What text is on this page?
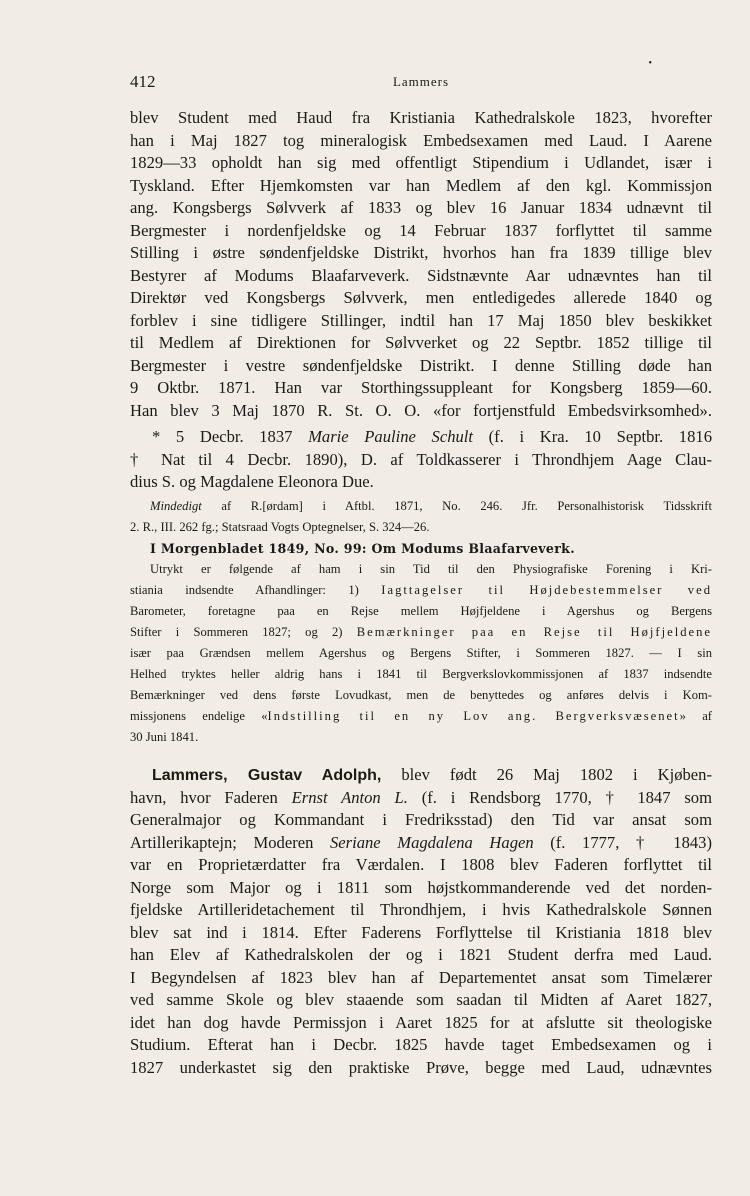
412	Lammers
•
blev Student med Haud fra Kristiania Kathedralskole 1823, hvorefter
han i Maj 1827 tog mineralogisk Embedsexamen med Laud. I Aarene
1829—33 opholdt han sig med offentligt Stipendium i Udlandet, især i
Tyskland. Efter Hjemkomsten var han Medlem af den kgl. Kommissjon
ang. Kongsbergs Sølvverk af 1833 og blev 16 Januar 1834 udnævnt til
Bergmester i nordenfjeldske og 14 Februar 1837 forflyttet til samme
Stilling i østre søndenfjeldske Distrikt, hvorhos han fra 1839 tillige blev
Bestyrer af Modums Blaafarveverk. Sidstnævnte Aar udnævntes han til
Direktør ved Kongsbergs Sølvverk, men entledigedes allerede 1840 og
forblev i sine tidligere Stillinger, indtil han 17 Maj 1850 blev beskikket
til Medlem af Direktionen for Sølvverket og 22 Septbr. 1852 tillige til
Bergmester i vestre søndenfjeldske Distrikt. I denne Stilling døde han
9 Oktbr. 1871. Han var Storthingssuppleant for Kongsberg 1859—60.
Han blev 3 Maj 1870 R. St. O. O. «for fortjenstfuld Embedsvirksomhed».
* 5 Decbr. 1837 Marie Pauline Schult (f. i Kra. 10 Septbr. 1816
† Nat til 4 Decbr. 1890), D. af Toldkasserer i Throndhjem Aage Clau-
dius S. og Magdalene Eleonora Due.
Mindedigt af R.[ørdam] i Aftbl. 1871, No. 246. Jfr. Personalhistorisk Tidsskrift
2. R., III. 262 fg.; Statsraad Vogts Optegnelser, S. 324—26.
I Morgenbladet 1849, No. 99: Om Modums Blaafarveverk.
Utrykt er følgende af ham i sin Tid til den Physiografiske Forening i Kri-
stiania indsendte Afhandlinger: 1) Iagttagelser til Højdebestemmelser ved
Barometer, foretagne paa en Rejse mellem Højfjeldene i Agershus og Bergens
Stifter i Sommeren 1827; og 2) Bemærkninger paa en Rejse til Højfjeldene
især paa Grændsen mellem Agershus og Bergens Stifter, i Sommeren 1827. — I sin
Helhed tryktes heller aldrig hans i 1841 til Bergverkslovkommissjonen af 1837 indsendte
Bemærkninger ved dens første Lovudkast, men de benyttedes og anføres delvis i Kom-
missjonens endelige «Indstilling til en ny Lov ang. Bergverksvæsenet» af
30 Juni 1841.
Lammers, Gustav Adolph, blev født 26 Maj 1802 i Kjøben-
havn, hvor Faderen Ernst Anton L. (f. i Rendsborg 1770, † 1847 som
Generalmajor og Kommandant i Fredriksstad) den Tid var ansat som
Artillerikaptejn; Moderen Seriane Magdalena Hagen (f. 1777, † 1843)
var en Proprietærdatter fra Værdalen. I 1808 blev Faderen forflyttet til
Norge som Major og i 1811 som højstkommanderende ved det norden-
fjeldske Artilleridetachement til Throndhjem, i hvis Kathedralskole Sønnen
blev sat ind i 1814. Efter Faderens Forflyttelse til Kristiania 1818 blev
han Elev af Kathedralskolen der og i 1821 Student derfra med Laud.
I Begyndelsen af 1823 blev han af Departementet ansat som Timelærer
ved samme Skole og blev staaende som saadan til Midten af Aaret 1827,
idet han dog havde Permissjon i Aaret 1825 for at afslutte sit theologiske
Studium. Efterat han i Decbr. 1825 havde taget Embedsexamen og i
1827 underkastet sig den praktiske Prøve, begge med Laud, udnævntes
